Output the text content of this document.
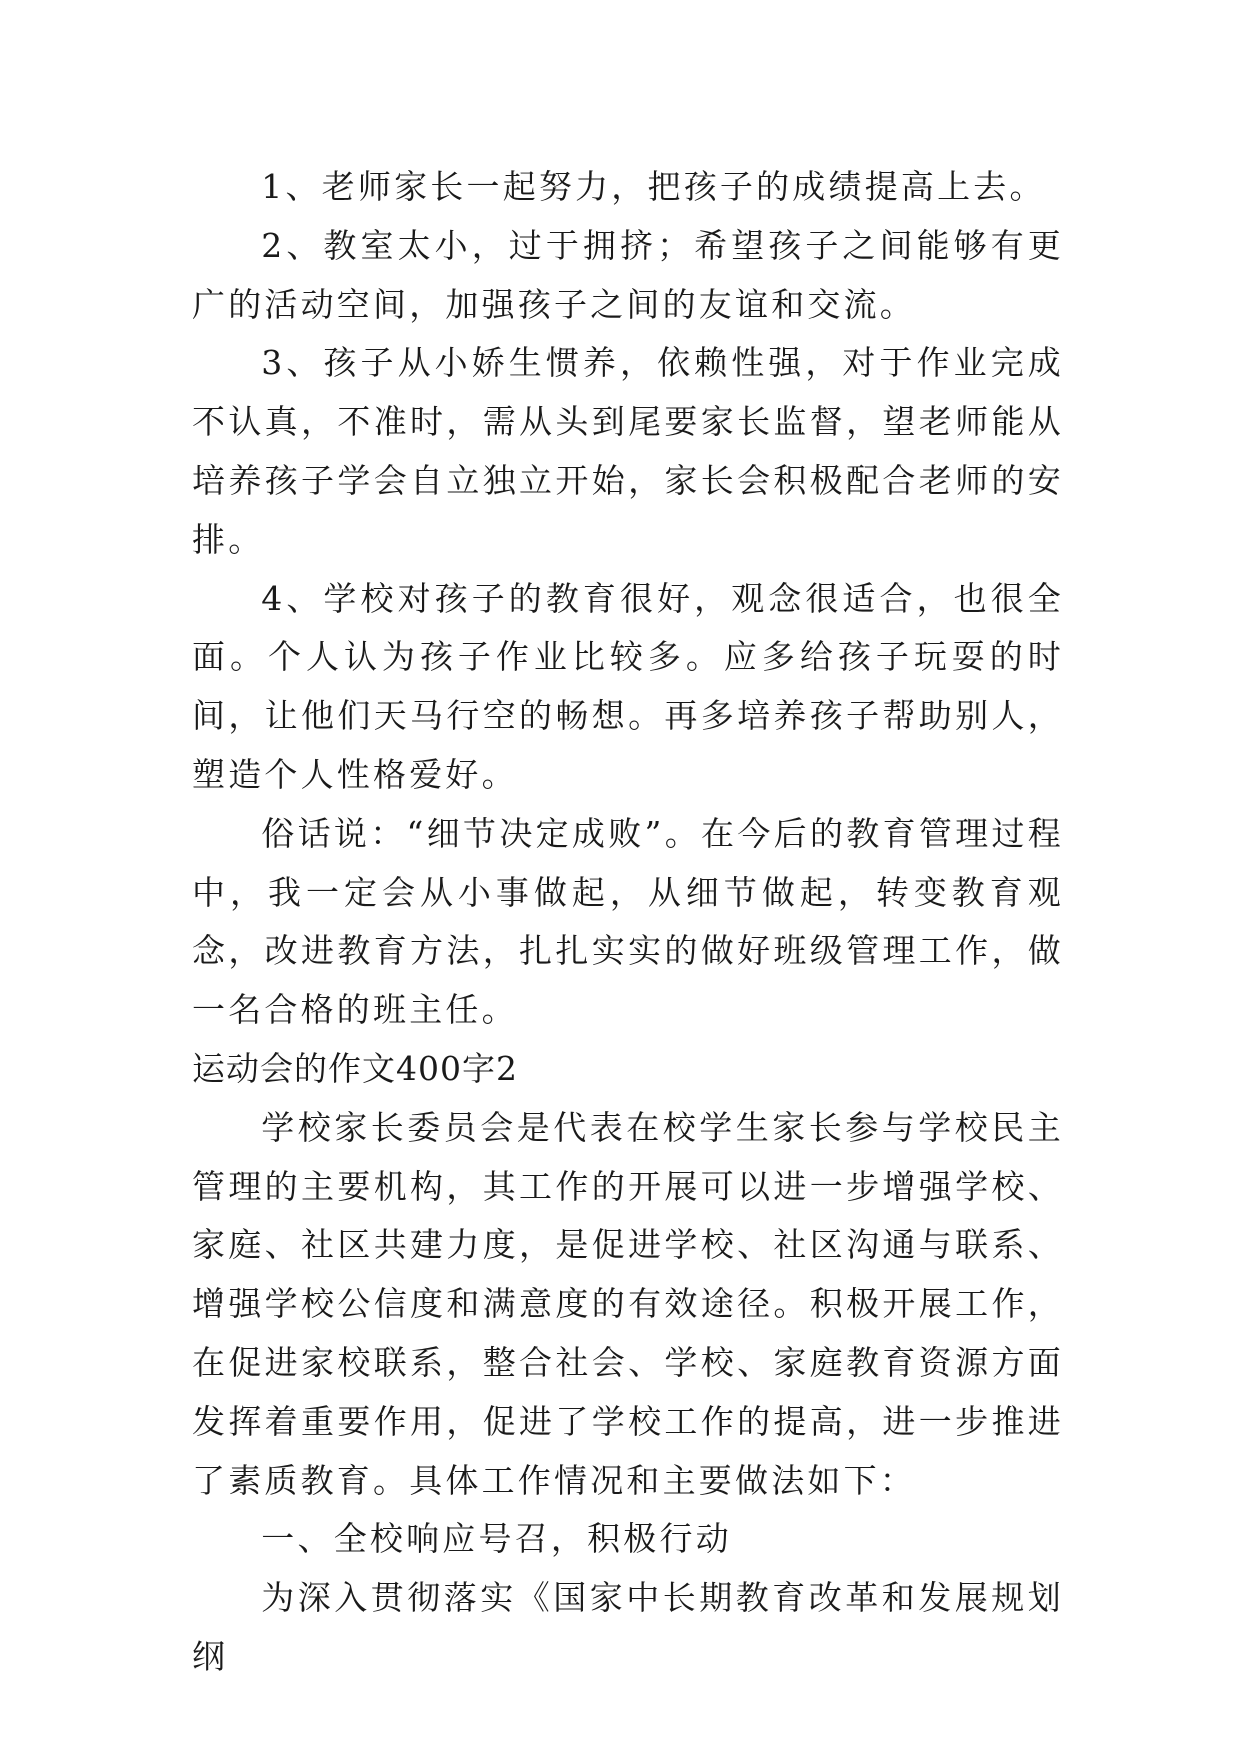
1、老师家长一起努力，把孩子的成绩提高上去。

2、教室太小，过于拥挤；希望孩子之间能够有更广的活动空间，加强孩子之间的友谊和交流。

3、孩子从小娇生惯养，依赖性强，对于作业完成不认真，不准时，需从头到尾要家长监督，望老师能从培养孩子学会自立独立开始，家长会积极配合老师的安排。

4、学校对孩子的教育很好，观念很适合，也很全面。个人认为孩子作业比较多。应多给孩子玩耍的时间，让他们天马行空的畅想。再多培养孩子帮助别人，塑造个人性格爱好。

俗话说：“细节决定成败”。在今后的教育管理过程中，我一定会从小事做起，从细节做起，转变教育观念，改进教育方法，扎扎实实的做好班级管理工作，做一名合格的班主任。

运动会的作文400字2

学校家长委员会是代表在校学生家长参与学校民主管理的主要机构，其工作的开展可以进一步增强学校、家庭、社区共建力度，是促进学校、社区沟通与联系、增强学校公信度和满意度的有效途径。积极开展工作，在促进家校联系，整合社会、学校、家庭教育资源方面发挥着重要作用，促进了学校工作的提高，进一步推进了素质教育。具体工作情况和主要做法如下：

一、全校响应号召，积极行动

为深入贯彻落实《国家中长期教育改革和发展规划纲
